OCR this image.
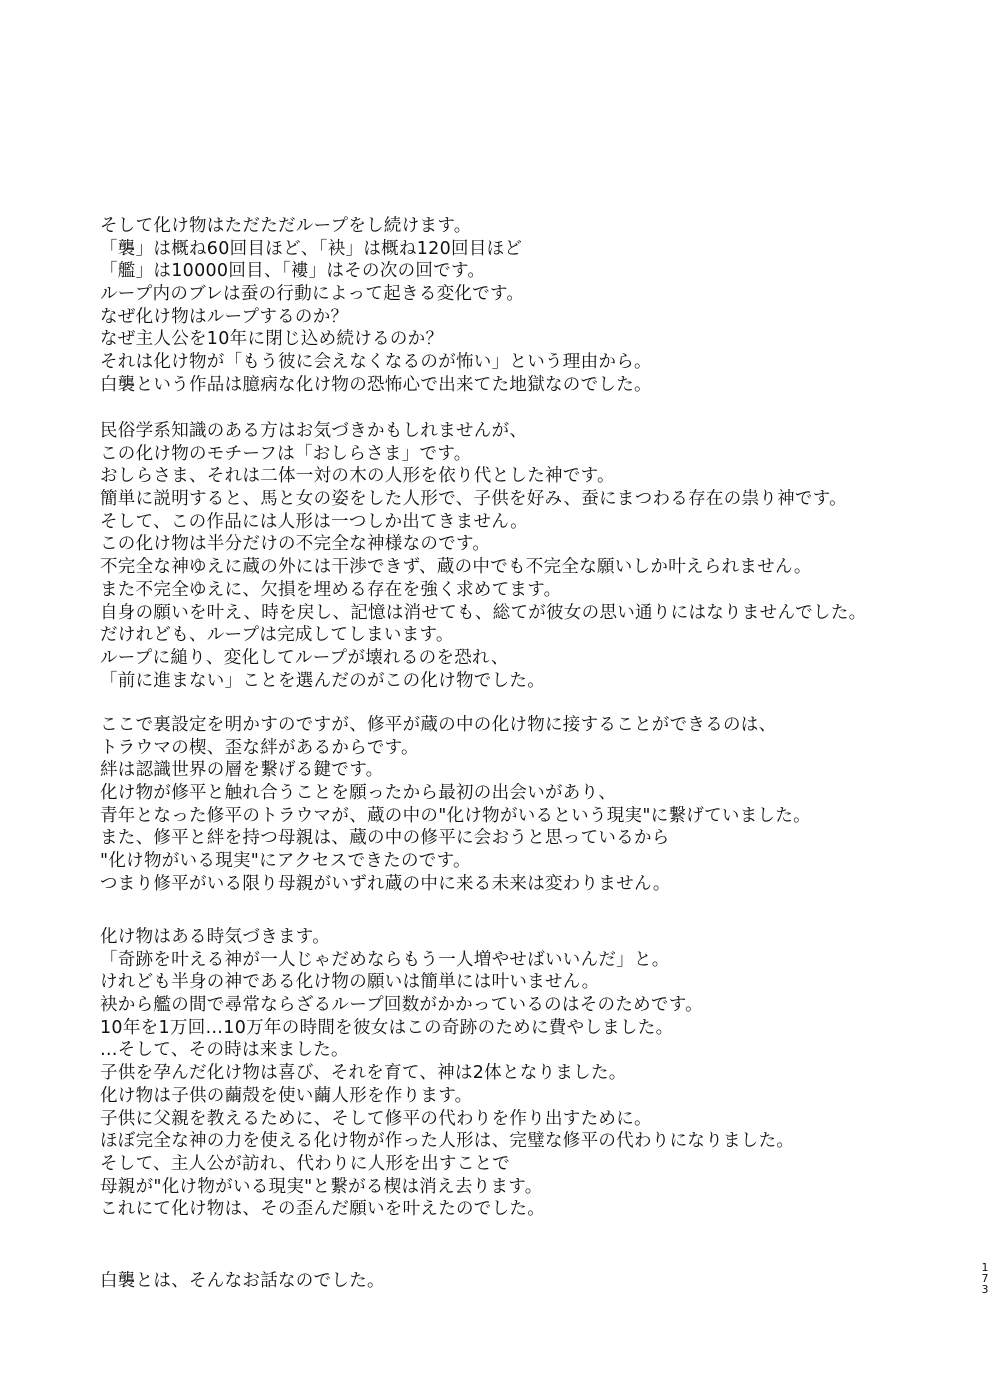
そして化け物はただただループをし続けます。
「襲」は概ね60回目ほど、「袂」は概ね120回目ほど
「艦」は10000回目、「褸」はその次の回です。
ループ内のブレは蚕の行動によって起きる変化です。
なぜ化け物はループするのか？
なぜ主人公を10年に閉じ込め続けるのか？
それは化け物が「もう彼に会えなくなるのが怖い」という理由から。
白襲という作品は臆病な化け物の恐怖心で出来てた地獄なのでした。
民俗学系知識のある方はお気づきかもしれませんが、
この化け物のモチーフは「おしらさま」です。
おしらさま、それは二体一対の木の人形を依り代とした神です。
簡単に説明すると、馬と女の姿をした人形で、子供を好み、蚕にまつわる存在の祟り神です。
そして、この作品には人形は一つしか出てきません。
この化け物は半分だけの不完全な神様なのです。
不完全な神ゆえに蔵の外には干渉できず、蔵の中でも不完全な願いしか叶えられません。
また不完全ゆえに、欠損を埋める存在を強く求めてます。
自身の願いを叶え、時を戻し、記憶は消せても、総てが彼女の思い通りにはなりませんでした。
だけれども、ループは完成してしまいます。
ループに縋り、変化してループが壊れるのを恐れ、
「前に進まない」ことを選んだのがこの化け物でした。
ここで裏設定を明かすのですが、修平が蔵の中の化け物に接することができるのは、
トラウマの楔、歪な絆があるからです。
絆は認識世界の層を繋げる鍵です。
化け物が修平と触れ合うことを願ったから最初の出会いがあり、
青年となった修平のトラウマが、蔵の中の"化け物がいるという現実"に繋げていました。
また、修平と絆を持つ母親は、蔵の中の修平に会おうと思っているから
"化け物がいる現実"にアクセスできたのです。
つまり修平がいる限り母親がいずれ蔵の中に来る未来は変わりません。
化け物はある時気づきます。
「奇跡を叶える神が一人じゃだめならもう一人増やせばいいんだ」と。
けれども半身の神である化け物の願いは簡単には叶いません。
袂から艦の間で尋常ならざるループ回数がかかっているのはそのためです。
10年を1万回…10万年の時間を彼女はこの奇跡のために費やしました。
…そして、その時は来ました。
子供を孕んだ化け物は喜び、それを育て、神は2体となりました。
化け物は子供の繭殻を使い繭人形を作ります。
子供に父親を教えるために、そして修平の代わりを作り出すために。
ほぼ完全な神の力を使える化け物が作った人形は、完璧な修平の代わりになりました。
そして、主人公が訪れ、代わりに人形を出すことで
母親が"化け物がいる現実"と繋がる楔は消え去ります。
これにて化け物は、その歪んだ願いを叶えたのでした。
白襲とは、そんなお話なのでした。
1
7
3
